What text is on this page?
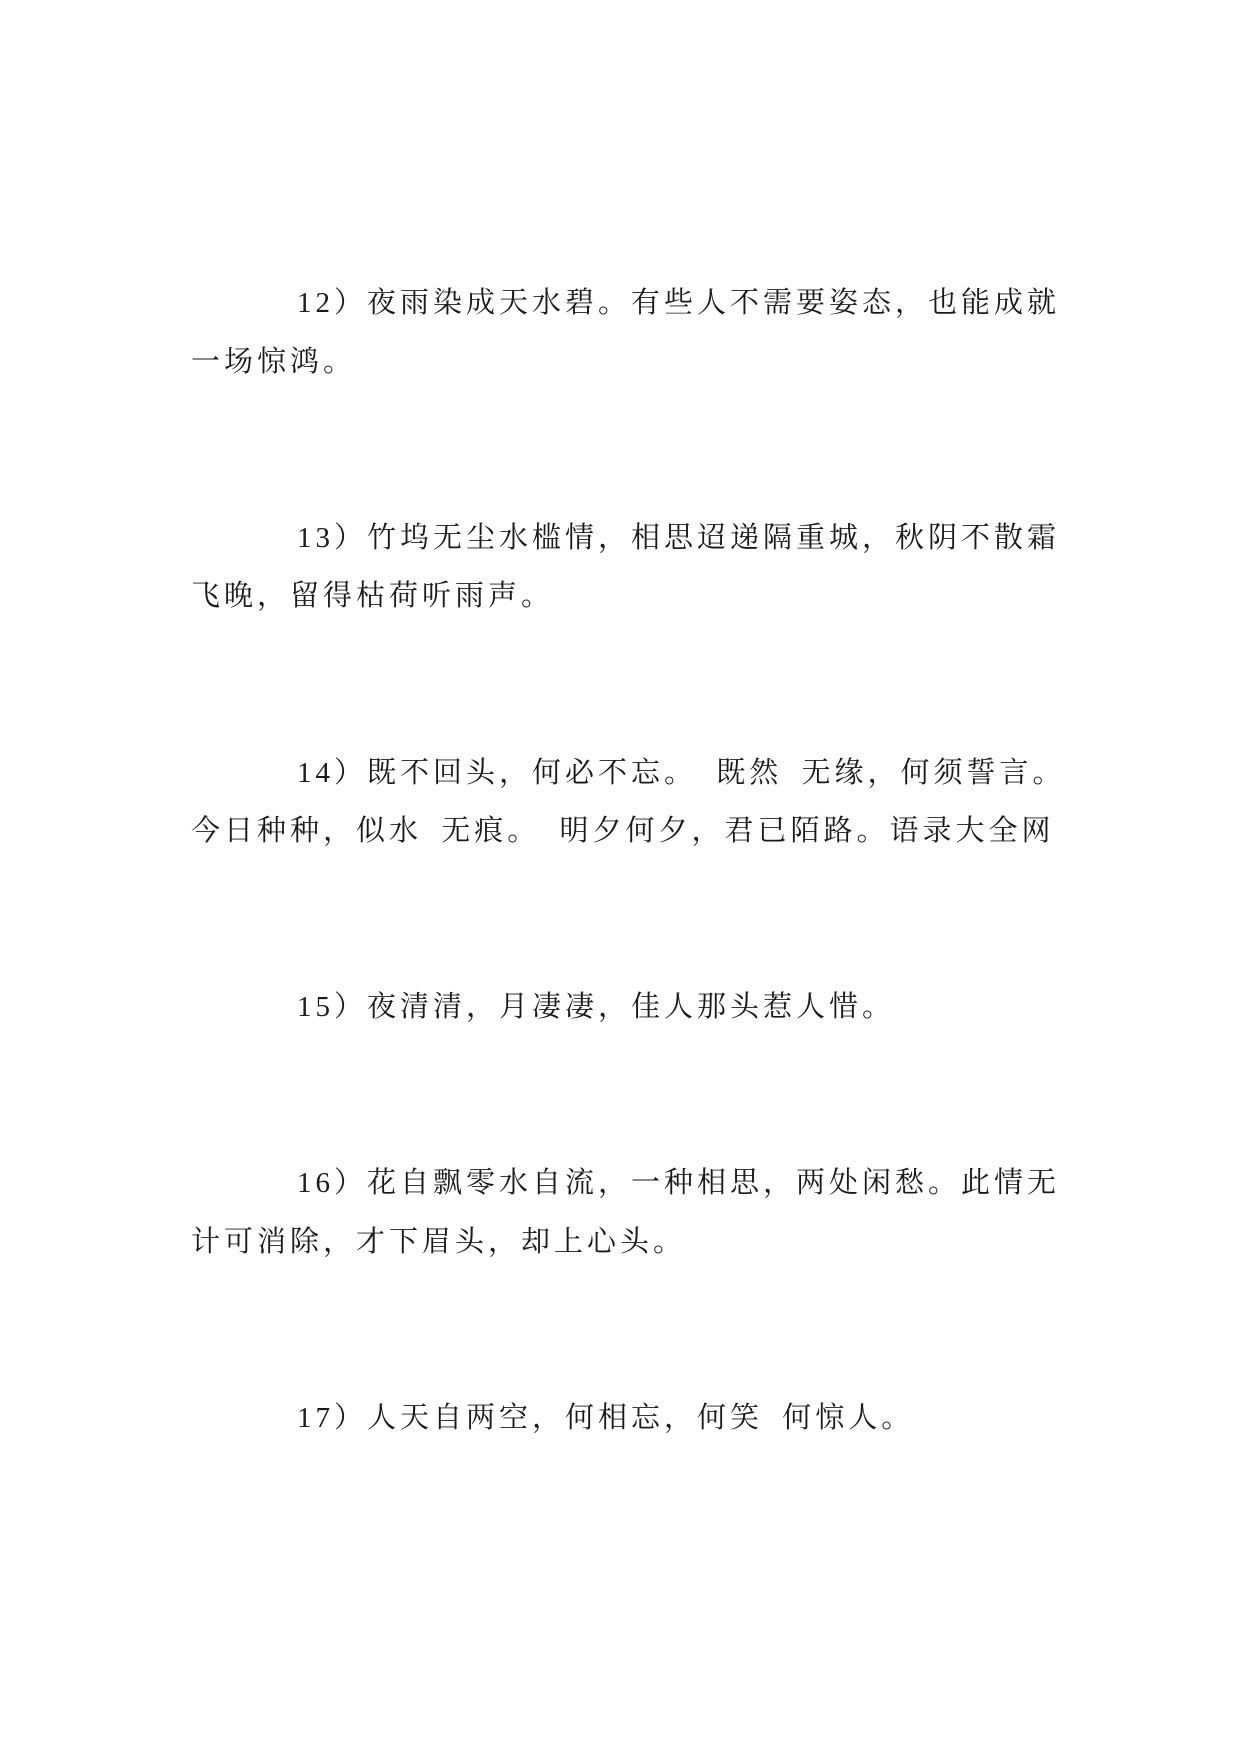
12）夜雨染成天水碧。有些人不需要姿态，也能成就
一场惊鸿。
13）竹坞无尘水槛情，相思迢递隔重城，秋阴不散霜
飞晚，留得枯荷听雨声。
14）既不回头，何必不忘。 既然 无缘，何须誓言。
今日种种，似水 无痕。 明夕何夕，君已陌路。语录大全网
15）夜清清，月凄凄，佳人那头惹人惜。
16）花自飘零水自流，一种相思，两处闲愁。此情无
计可消除，才下眉头，却上心头。
17）人天自两空，何相忘，何笑 何惊人。
